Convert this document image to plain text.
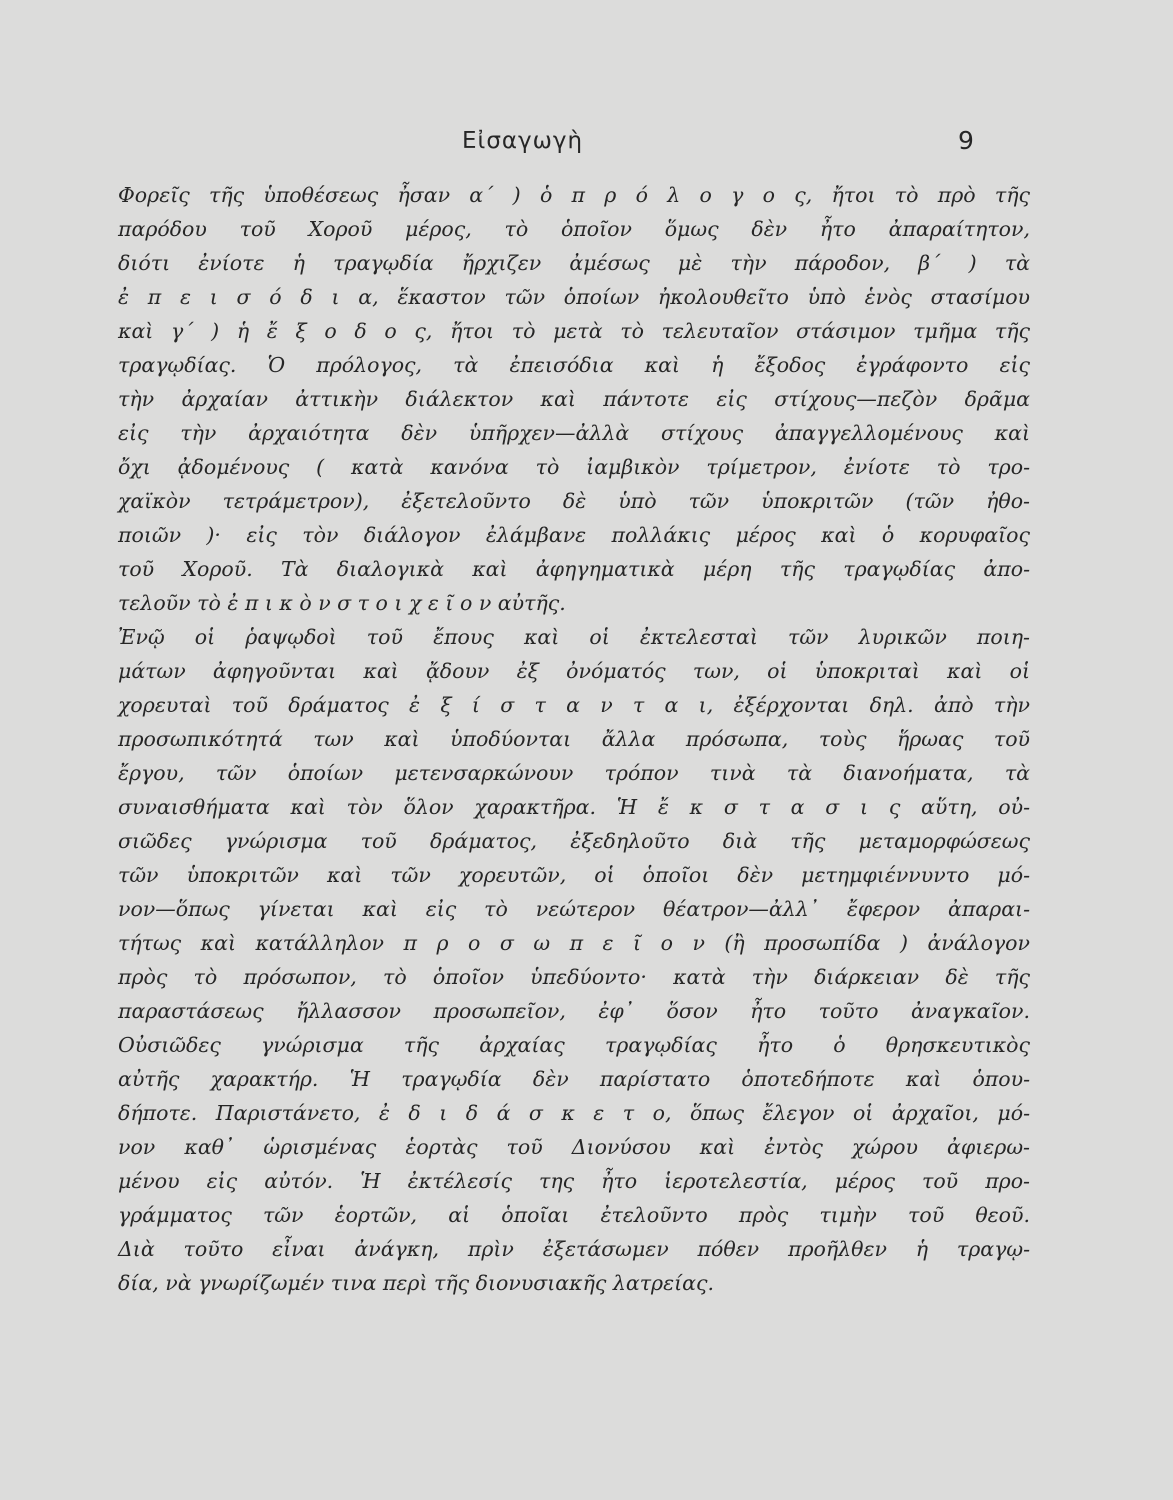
Εἰσαγωγὴ	9
Φορεῖς τῆς ὑποθέσεως ἦσαν α΄ ) ὁ π ρ ό λ ο γ ο ς, ἤτοι τὸ πρὸ τῆς
παρόδου τοῦ Χοροῦ μέρος, τὸ ὁποῖον ὅμως δὲν ἦτο ἀπαραίτητον,
διότι ἐνίοτε ἡ τραγῳδία ἤρχιζεν ἀμέσως μὲ τὴν πάροδον, β΄ ) τὰ
ἐ π ε ι σ ό δ ι α, ἕκαστον τῶν ὁποίων ἠκολουθεῖτο ὑπὸ ἑνὸς στασίμου
καὶ γ΄ ) ἡ ἔ ξ ο δ ο ς, ἤτοι τὸ μετὰ τὸ τελευταῖον στάσιμον τμῆμα τῆς
τραγῳδίας. Ὁ πρόλογος, τὰ ἐπεισόδια καὶ ἡ ἔξοδος ἐγράφοντο εἰς
τὴν ἀρχαίαν ἀττικὴν διάλεκτον καὶ πάντοτε εἰς στίχους—πεζὸν δρᾶμα
εἰς τὴν ἀρχαιότητα δὲν ὑπῆρχεν—ἀλλὰ στίχους ἀπαγγελλομένους καὶ
ὄχι ᾀδομένους ( κατὰ κανόνα τὸ ἰαμβικὸν τρίμετρον, ἐνίοτε τὸ τρο-
χαϊκὸν τετράμετρον), ἐξετελοῦντο δὲ ὑπὸ τῶν ὑποκριτῶν (τῶν ἠθο-
ποιῶν )· εἰς τὸν διάλογον ἐλάμβανε πολλάκις μέρος καὶ ὁ κορυφαῖος
τοῦ Χοροῦ. Τὰ διαλογικὰ καὶ ἀφηγηματικὰ μέρη τῆς τραγῳδίας ἀπο-
τελοῦν τὸ ἐ π ι κ ὸ ν σ τ ο ι χ ε ῖ ο ν αὐτῆς.
Ἐνῷ οἱ ῥαψῳδοὶ τοῦ ἔπους καὶ οἱ ἐκτελεσταὶ τῶν λυρικῶν ποιη-
μάτων ἀφηγοῦνται καὶ ᾄδουν ἐξ ὀνόματός των, οἱ ὑποκριταὶ καὶ οἱ
χορευταὶ τοῦ δράματος ἐ ξ ί σ τ α ν τ α ι, ἐξέρχονται δηλ. ἀπὸ τὴν
προσωπικότητά των καὶ ὑποδύονται ἄλλα πρόσωπα, τοὺς ἥρωας τοῦ
ἔργου, τῶν ὁποίων μετενσαρκώνουν τρόπον τινὰ τὰ διανοήματα, τὰ
συναισθήματα καὶ τὸν ὅλον χαρακτῆρα. Ἡ ἔ κ σ τ α σ ι ς αὕτη, οὐ-
σιῶδες γνώρισμα τοῦ δράματος, ἐξεδηλοῦτο διὰ τῆς μεταμορφώσεως
τῶν ὑποκριτῶν καὶ τῶν χορευτῶν, οἱ ὁποῖοι δὲν μετημφιέννυντο μό-
νον—ὅπως γίνεται καὶ εἰς τὸ νεώτερον θέατρον—ἀλλ᾿ ἔφερον ἀπαραι-
τήτως καὶ κατάλληλον π ρ ο σ ω π ε ῖ ο ν (ἢ προσωπίδα ) ἀνάλογον
πρὸς τὸ πρόσωπον, τὸ ὁποῖον ὑπεδύοντο· κατὰ τὴν διάρκειαν δὲ τῆς
παραστάσεως ἤλλασσον προσωπεῖον, ἐφ᾿ ὅσον ἦτο τοῦτο ἀναγκαῖον.
Οὐσιῶδες γνώρισμα τῆς ἀρχαίας τραγῳδίας ἦτο ὁ θρησκευτικὸς
αὐτῆς χαρακτήρ. Ἡ τραγῳδία δὲν παρίστατο ὁποτεδήποτε καὶ ὁπου-
δήποτε. Παριστάνετο, ἐ δ ι δ ά σ κ ε τ ο, ὅπως ἔλεγον οἱ ἀρχαῖοι, μό-
νον καθ᾿ ὡρισμένας ἑορτὰς τοῦ Διονύσου καὶ ἐντὸς χώρου ἀφιερω-
μένου εἰς αὐτόν. Ἡ ἐκτέλεσίς της ἦτο ἱεροτελεστία, μέρος τοῦ προ-
γράμματος τῶν ἑορτῶν, αἱ ὁποῖαι ἐτελοῦντο πρὸς τιμὴν τοῦ θεοῦ.
Διὰ τοῦτο εἶναι ἀνάγκη, πρὶν ἐξετάσωμεν πόθεν προῆλθεν ἡ τραγῳ-
δία, νὰ γνωρίζωμέν τινα περὶ τῆς διονυσιακῆς λατρείας.
